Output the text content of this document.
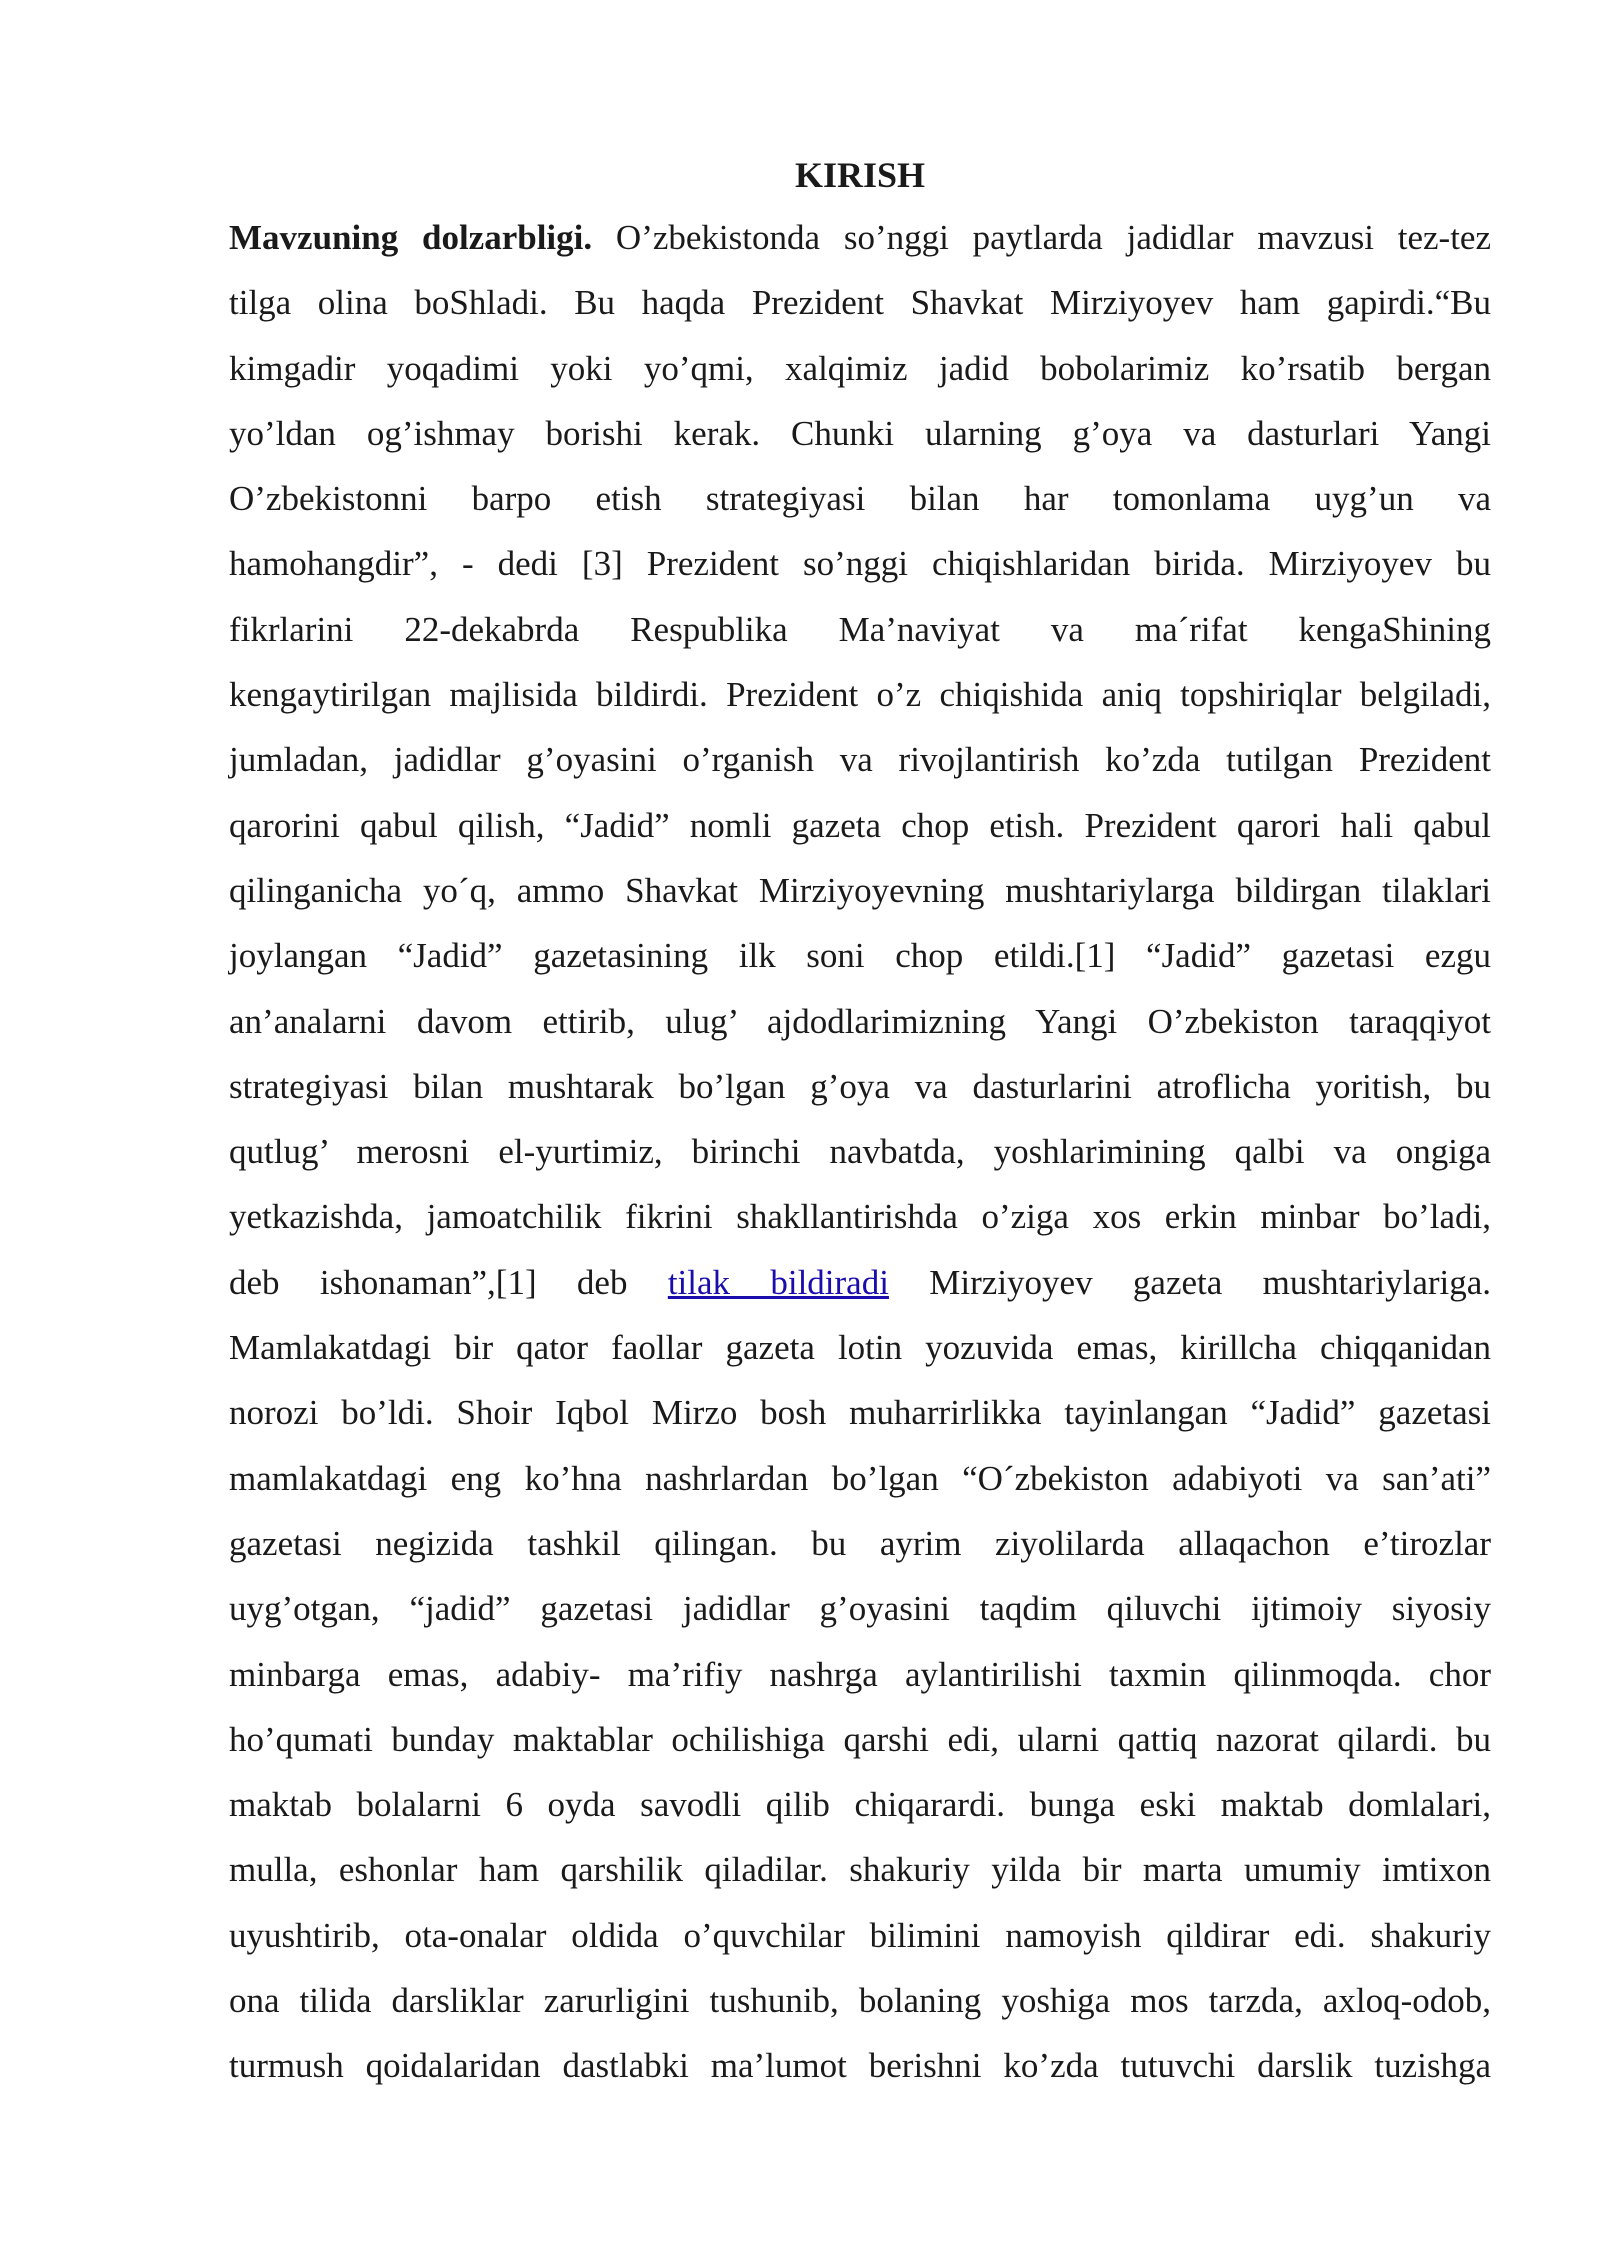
KIRISH
Mavzuning dolzarbligi. O’zbekistonda so’nggi paytlarda jadidlar mavzusi tez-tez
tilga olina boShladi. Bu haqda Prezident Shavkat Mirziyoyev ham gapirdi.“Bu
kimgadir yoqadimi yoki yo’qmi, xalqimiz jadid bobolarimiz ko’rsatib bergan
yo’ldan og’ishmay borishi kerak. Chunki ularning g’oya va dasturlari Yangi
O’zbekistonni barpo etish strategiyasi bilan har tomonlama uyg’un va
hamohangdir”, - dedi [3] Prezident so’nggi chiqishlaridan birida. Mirziyoyev bu
fikrlarini 22-dekabrda Respublika Ma’naviyat va ma´rifat kengaShining
kengaytirilgan majlisida bildirdi. Prezident o’z chiqishida aniq topshiriqlar belgiladi,
jumladan, jadidlar g’oyasini o’rganish va rivojlantirish ko’zda tutilgan Prezident
qarorini qabul qilish, “Jadid” nomli gazeta chop etish. Prezident qarori hali qabul
qilinganicha yo´q, ammo Shavkat Mirziyoyevning mushtariylarga bildirgan tilaklari
joylangan “Jadid” gazetasining ilk soni chop etildi.[1] “Jadid” gazetasi ezgu
an’analarni davom ettirib, ulug’ ajdodlarimizning Yangi O’zbekiston taraqqiyot
strategiyasi bilan mushtarak bo’lgan g’oya va dasturlarini atroflicha yoritish, bu
qutlug’ merosni el-yurtimiz, birinchi navbatda, yoshlarimining qalbi va ongiga
yetkazishda, jamoatchilik fikrini shakllantirishda o’ziga xos erkin minbar bo’ladi,
deb ishonaman”,[1] deb tilak bildiradi Mirziyoyev gazeta mushtariylariga.
Mamlakatdagi bir qator faollar gazeta lotin yozuvida emas, kirillcha chiqqanidan
norozi bo’ldi. Shoir Iqbol Mirzo bosh muharrirlikka tayinlangan “Jadid” gazetasi
mamlakatdagi eng ko’hna nashrlardan bo’lgan “O´zbekiston adabiyoti va san’ati”
gazetasi negizida tashkil qilingan. bu ayrim ziyolilarda allaqachon e’tirozlar
uyg’otgan, “jadid” gazetasi jadidlar g’oyasini taqdim qiluvchi ijtimoiy siyosiy
minbarga emas, adabiy- ma’rifiy nashrga aylantirilishi taxmin qilinmoqda. chor
ho’qumati bunday maktablar ochilishiga qarshi edi, ularni qattiq nazorat qilardi. bu
maktab bolalarni 6 oyda savodli qilib chiqarardi. bunga eski maktab domlalari,
mulla, eshonlar ham qarshilik qiladilar. shakuriy yilda bir marta umumiy imtixon
uyushtirib, ota-onalar oldida o’quvchilar bilimini namoyish qildirar edi. shakuriy
ona tilida darsliklar zarurligini tushunib, bolaning yoshiga mos tarzda, axloq-odob,
turmush qoidalaridan dastlabki ma’lumot berishni ko’zda tutuvchi darslik tuzishga
